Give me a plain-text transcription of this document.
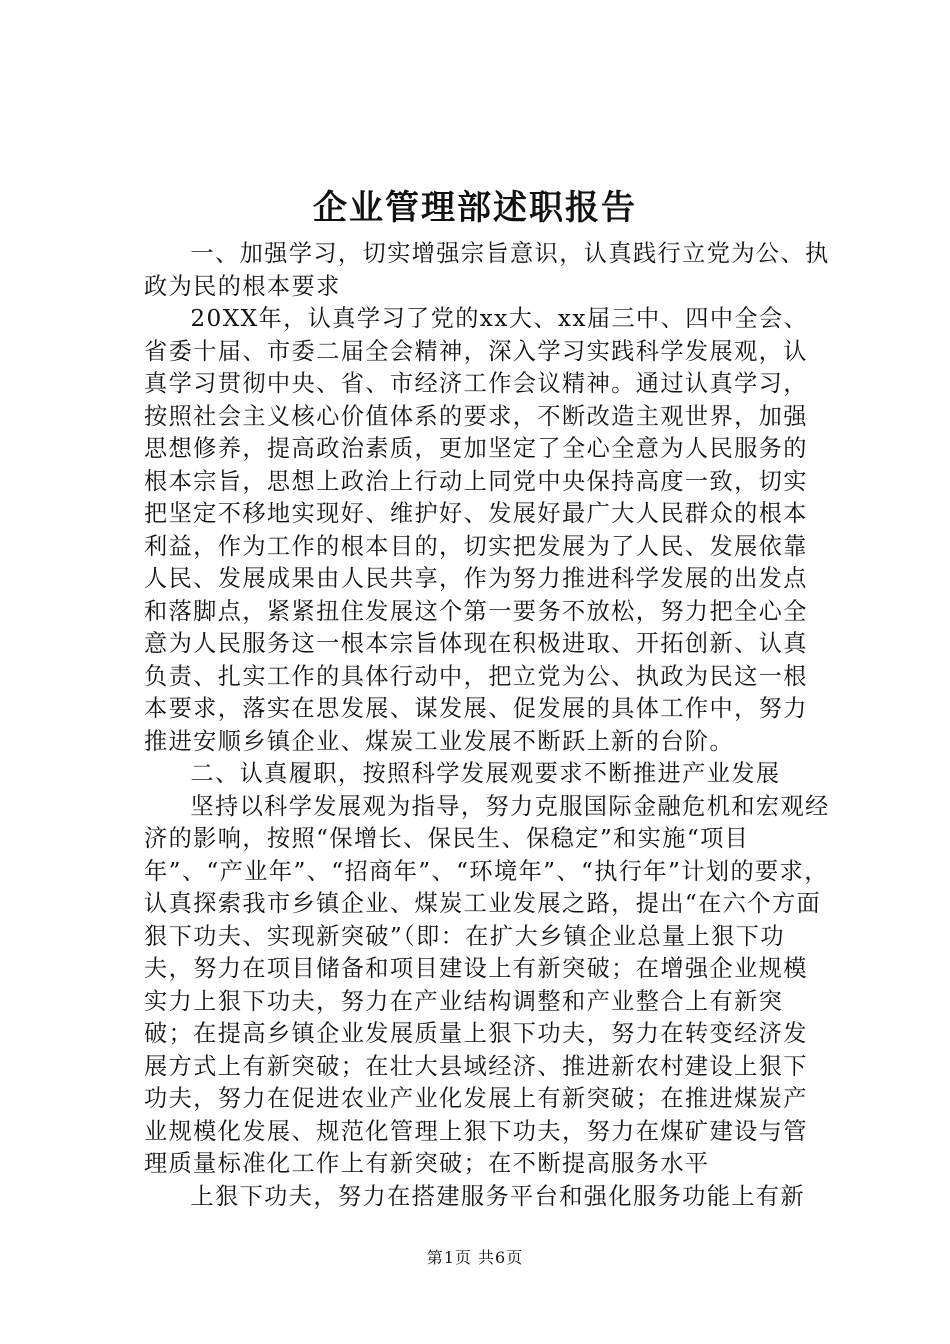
企业管理部述职报告

一、加强学习，切实增强宗旨意识，认真践行立党为公、执政为民的根本要求

20XX年，认真学习了党的xx大、xx届三中、四中全会、省委十届、市委二届全会精神，深入学习实践科学发展观，认真学习贯彻中央、省、市经济工作会议精神。通过认真学习，按照社会主义核心价值体系的要求，不断改造主观世界，加强思想修养，提高政治素质，更加坚定了全心全意为人民服务的根本宗旨，思想上政治上行动上同党中央保持高度一致，切实把坚定不移地实现好、维护好、发展好最广大人民群众的根本利益，作为工作的根本目的，切实把发展为了人民、发展依靠人民、发展成果由人民共享，作为努力推进科学发展的出发点和落脚点，紧紧扭住发展这个第一要务不放松，努力把全心全意为人民服务这一根本宗旨体现在积极进取、开拓创新、认真负责、扎实工作的具体行动中，把立党为公、执政为民这一根本要求，落实在思发展、谋发展、促发展的具体工作中，努力推进安顺乡镇企业、煤炭工业发展不断跃上新的台阶。

二、认真履职，按照科学发展观要求不断推进产业发展

坚持以科学发展观为指导，努力克服国际金融危机和宏观经济的影响，按照“保增长、保民生、保稳定”和实施“项目年”、“产业年”、“招商年”、“环境年”、“执行年”计划的要求，认真探索我市乡镇企业、煤炭工业发展之路，提出“在六个方面狠下功夫、实现新突破”（即：在扩大乡镇企业总量上狠下功夫，努力在项目储备和项目建设上有新突破；在增强企业规模实力上狠下功夫，努力在产业结构调整和产业整合上有新突破；在提高乡镇企业发展质量上狠下功夫，努力在转变经济发展方式上有新突破；在壮大县域经济、推进新农村建设上狠下功夫，努力在促进农业产业化发展上有新突破；在推进煤炭产业规模化发展、规范化管理上狠下功夫，努力在煤矿建设与管理质量标准化工作上有新突破；在不断提高服务水平

上狠下功夫，努力在搭建服务平台和强化服务功能上有新

第1页 共6页
